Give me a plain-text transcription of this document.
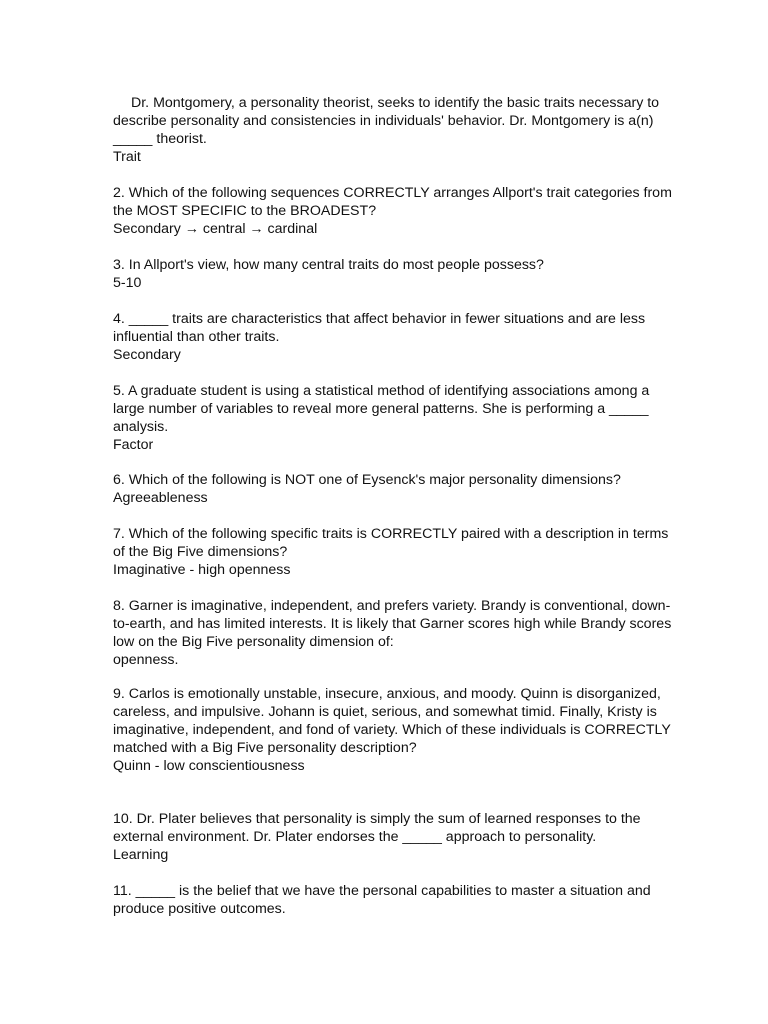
Dr. Montgomery, a personality theorist, seeks to identify the basic traits necessary to describe personality and consistencies in individuals' behavior. Dr. Montgomery is a(n) _____ theorist.

Trait

2. Which of the following sequences CORRECTLY arranges Allport's trait categories from the MOST SPECIFIC to the BROADEST?

Secondary → central → cardinal

3. In Allport's view, how many central traits do most people possess?

5-10

4. _____ traits are characteristics that affect behavior in fewer situations and are less influential than other traits.

Secondary

5. A graduate student is using a statistical method of identifying associations among a large number of variables to reveal more general patterns. She is performing a _____ analysis.

Factor

6. Which of the following is NOT one of Eysenck's major personality dimensions?

Agreeableness

7. Which of the following specific traits is CORRECTLY paired with a description in terms of the Big Five dimensions?

Imaginative - high openness

8. Garner is imaginative, independent, and prefers variety. Brandy is conventional, down-to-earth, and has limited interests. It is likely that Garner scores high while Brandy scores low on the Big Five personality dimension of:

openness.

9. Carlos is emotionally unstable, insecure, anxious, and moody. Quinn is disorganized, careless, and impulsive. Johann is quiet, serious, and somewhat timid. Finally, Kristy is imaginative, independent, and fond of variety. Which of these individuals is CORRECTLY matched with a Big Five personality description?

Quinn - low conscientiousness

10. Dr. Plater believes that personality is simply the sum of learned responses to the external environment. Dr. Plater endorses the _____ approach to personality.

Learning

11. _____ is the belief that we have the personal capabilities to master a situation and produce positive outcomes.
